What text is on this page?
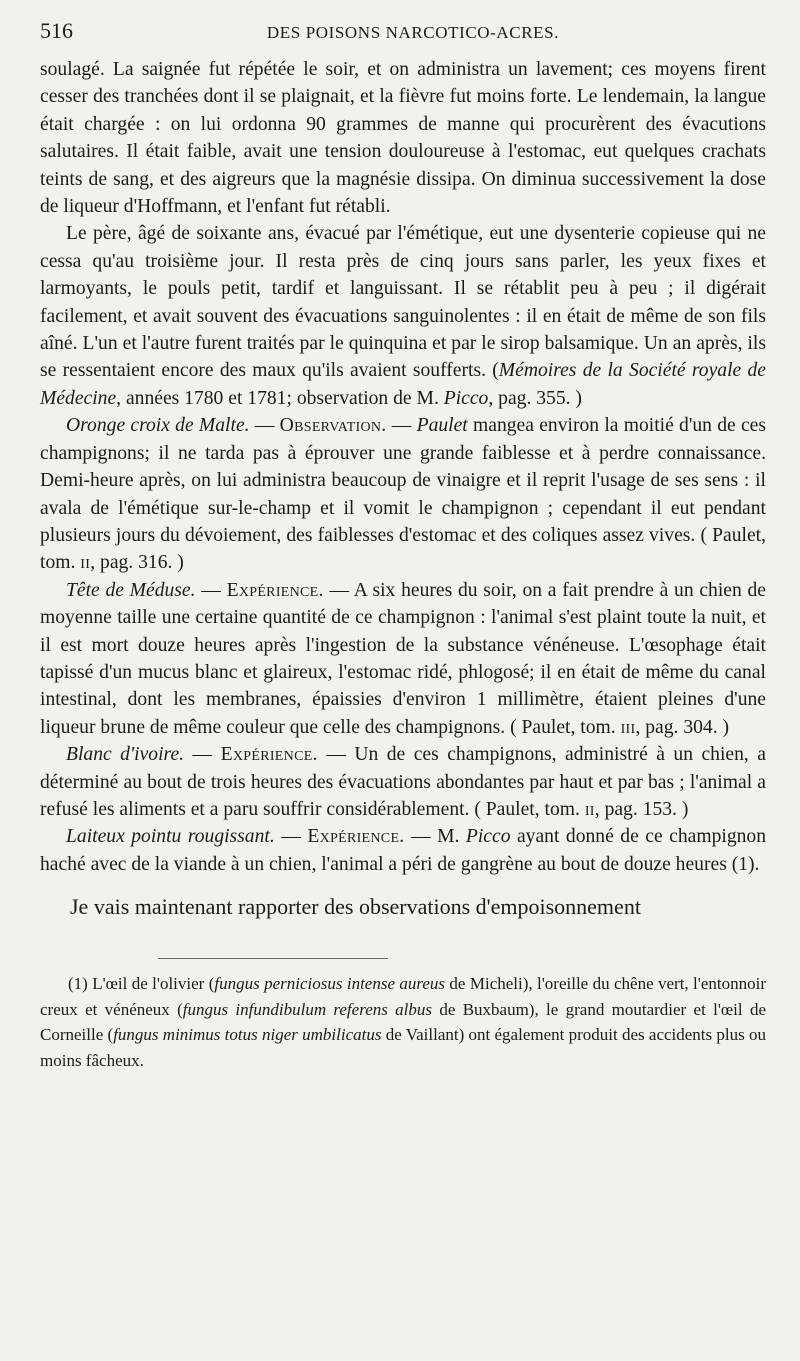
516	DES POISONS NARCOTICO-ACRES.

soulagé. La saignée fut répétée le soir, et on administra un lavement; ces moyens firent cesser des tranchées dont il se plaignait, et la fièvre fut moins forte. Le lendemain, la langue était chargée : on lui ordonna 90 grammes de manne qui procurèrent des évacutions salutaires. Il était faible, avait une tension douloureuse à l'estomac, eut quelques crachats teints de sang, et des aigreurs que la magnésie dissipa. On diminua successivement la dose de liqueur d'Hoffmann, et l'enfant fut rétabli.

Le père, âgé de soixante ans, évacué par l'émétique, eut une dysenterie copieuse qui ne cessa qu'au troisième jour. Il resta près de cinq jours sans parler, les yeux fixes et larmoyants, le pouls petit, tardif et languissant. Il se rétablit peu à peu ; il digérait facilement, et avait souvent des évacuations sanguinolentes : il en était de même de son fils aîné. L'un et l'autre furent traités par le quinquina et par le sirop balsamique. Un an après, ils se ressentaient encore des maux qu'ils avaient soufferts. (Mémoires de la Société royale de Médecine, années 1780 et 1781; observation de M. Picco, pag. 355. )

Oronge croix de Malte. — Observation. — Paulet mangea environ la moitié d'un de ces champignons; il ne tarda pas à éprouver une grande faiblesse et à perdre connaissance. Demi-heure après, on lui administra beaucoup de vinaigre et il reprit l'usage de ses sens : il avala de l'émétique sur-le-champ et il vomit le champignon ; cependant il eut pendant plusieurs jours du dévoiement, des faiblesses d'estomac et des coliques assez vives. ( Paulet, tom. ii, pag. 316. )

Tête de Méduse. — Expérience. — A six heures du soir, on a fait prendre à un chien de moyenne taille une certaine quantité de ce champignon : l'animal s'est plaint toute la nuit, et il est mort douze heures après l'ingestion de la substance vénéneuse. L'œsophage était tapissé d'un mucus blanc et glaireux, l'estomac ridé, phlogosé; il en était de même du canal intestinal, dont les membranes, épaissies d'environ 1 millimètre, étaient pleines d'une liqueur brune de même couleur que celle des champignons. ( Paulet, tom. iii, pag. 304. )

Blanc d'ivoire. — Expérience. — Un de ces champignons, administré à un chien, a déterminé au bout de trois heures des évacuations abondantes par haut et par bas ; l'animal a refusé les aliments et a paru souffrir considérablement. ( Paulet, tom. ii, pag. 153. )

Laiteux pointu rougissant. — Expérience. — M. Picco ayant donné de ce champignon haché avec de la viande à un chien, l'animal a péri de gangrène au bout de douze heures (1).

Je vais maintenant rapporter des observations d'empoisonnement

(1) L'œil de l'olivier (fungus perniciosus intense aureus de Micheli), l'oreille du chêne vert, l'entonnoir creux et vénéneux (fungus infundibulum referens albus de Buxbaum), le grand moutardier et l'œil de Corneille (fungus minimus totus niger umbilicatus de Vaillant) ont également produit des accidents plus ou moins fâcheux.
